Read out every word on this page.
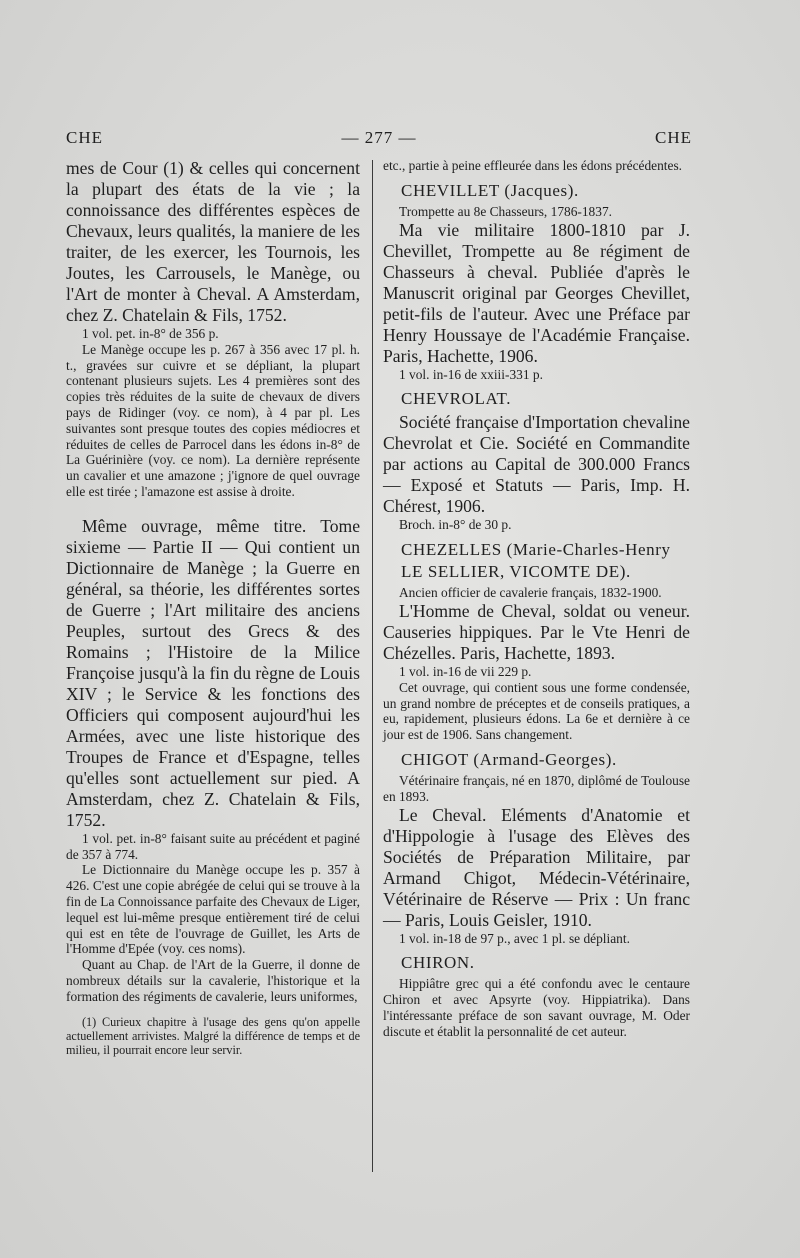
CHE	— 277 —	CHE

mes de Cour (1) & celles qui concernent la plupart des états de la vie ; la connoissance des différentes espèces de Chevaux, leurs qualités, la maniere de les traiter, de les exercer, les Tournois, les Joutes, les Carrousels, le Manège, ou l'Art de monter à Cheval. A Amsterdam, chez Z. Chatelain & Fils, 1752.

1 vol. pet. in-8° de 356 p.

Le Manège occupe les p. 267 à 356 avec 17 pl. h. t., gravées sur cuivre et se dépliant, la plupart contenant plusieurs sujets. Les 4 premières sont des copies très réduites de la suite de chevaux de divers pays de Ridinger (voy. ce nom), à 4 par pl. Les suivantes sont presque toutes des copies médiocres et réduites de celles de Parrocel dans les édons in-8° de La Guérinière (voy. ce nom). La dernière représente un cavalier et une amazone ; j'ignore de quel ouvrage elle est tirée ; l'amazone est assise à droite.

Même ouvrage, même titre. Tome sixieme — Partie II — Qui contient un Dictionnaire de Manège ; la Guerre en général, sa théorie, les différentes sortes de Guerre ; l'Art militaire des anciens Peuples, surtout des Grecs & des Romains ; l'Histoire de la Milice Françoise jusqu'à la fin du règne de Louis XIV ; le Service & les fonctions des Officiers qui composent aujourd'hui les Armées, avec une liste historique des Troupes de France et d'Espagne, telles qu'elles sont actuellement sur pied. A Amsterdam, chez Z. Chatelain & Fils, 1752.

1 vol. pet. in-8° faisant suite au précédent et paginé de 357 à 774.

Le Dictionnaire du Manège occupe les p. 357 à 426. C'est une copie abrégée de celui qui se trouve à la fin de La Connoissance parfaite des Chevaux de Liger, lequel est lui-même presque entièrement tiré de celui qui est en tête de l'ouvrage de Guillet, les Arts de l'Homme d'Epée (voy. ces noms).

Quant au Chap. de l'Art de la Guerre, il donne de nombreux détails sur la cavalerie, l'historique et la formation des régiments de cavalerie, leurs uniformes,

(1) Curieux chapitre à l'usage des gens qu'on appelle actuellement arrivistes. Malgré la différence de temps et de milieu, il pourrait encore leur servir.

etc., partie à peine effleurée dans les édons précédentes.

CHEVILLET (Jacques).

Trompette au 8e Chasseurs, 1786-1837.

Ma vie militaire 1800-1810 par J. Chevillet, Trompette au 8e régiment de Chasseurs à cheval. Publiée d'après le Manuscrit original par Georges Chevillet, petit-fils de l'auteur. Avec une Préface par Henry Houssaye de l'Académie Française. Paris, Hachette, 1906.

1 vol. in-16 de xxiii-331 p.

CHEVROLAT.

Société française d'Importation chevaline Chevrolat et Cie. Société en Commandite par actions au Capital de 300.000 Francs — Exposé et Statuts — Paris, Imp. H. Chérest, 1906.

Broch. in-8° de 30 p.

CHEZELLES (Marie-Charles-Henry LE SELLIER, VICOMTE DE).

Ancien officier de cavalerie français, 1832-1900.

L'Homme de Cheval, soldat ou veneur. Causeries hippiques. Par le Vte Henri de Chézelles. Paris, Hachette, 1893.

1 vol. in-16 de vii 229 p.

Cet ouvrage, qui contient sous une forme condensée, un grand nombre de préceptes et de conseils pratiques, a eu, rapidement, plusieurs édons. La 6e et dernière à ce jour est de 1906. Sans changement.

CHIGOT (Armand-Georges).

Vétérinaire français, né en 1870, diplômé de Toulouse en 1893.

Le Cheval. Eléments d'Anatomie et d'Hippologie à l'usage des Elèves des Sociétés de Préparation Militaire, par Armand Chigot, Médecin-Vétérinaire, Vétérinaire de Réserve — Prix : Un franc — Paris, Louis Geisler, 1910.

1 vol. in-18 de 97 p., avec 1 pl. se dépliant.

CHIRON.

Hippiâtre grec qui a été confondu avec le centaure Chiron et avec Apsyrte (voy. Hippiatrika). Dans l'intéressante préface de son savant ouvrage, M. Oder discute et établit la personnalité de cet auteur.
